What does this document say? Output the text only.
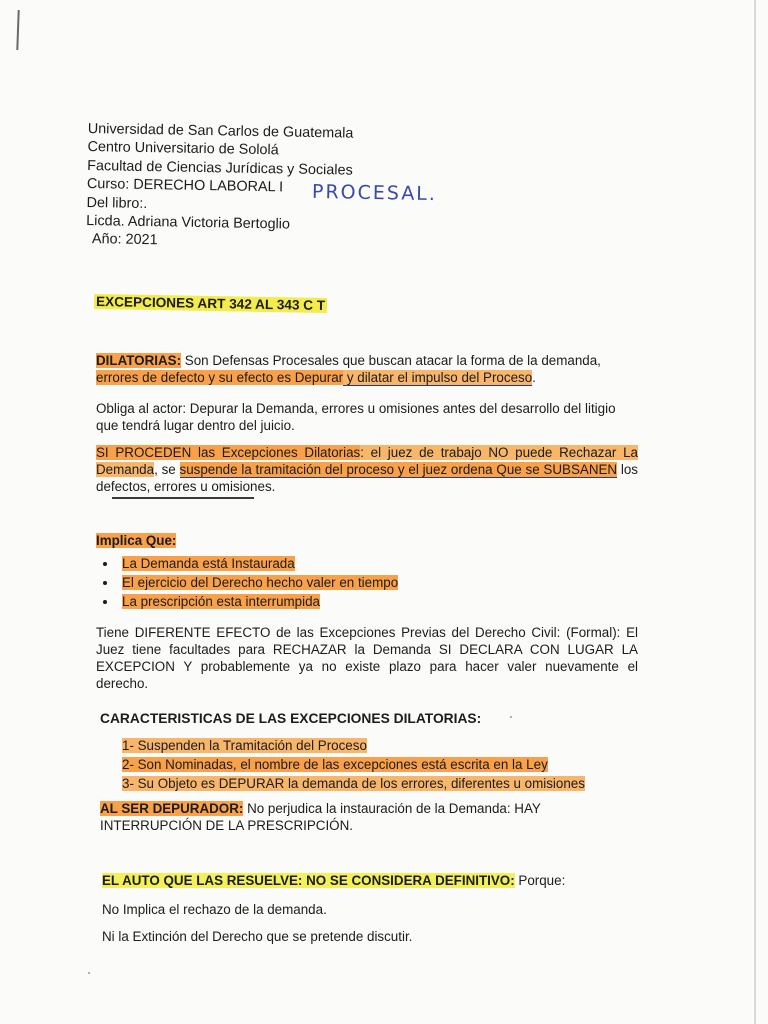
Universidad de San Carlos de Guatemala
Centro Universitario de Sololá
Facultad de Ciencias Jurídicas y Sociales
Curso: DERECHO LABORAL I
Del libro:.
Licda. Adriana Victoria Bertoglio
Año: 2021
PROCESAL.
EXCEPCIONES ART 342 AL 343 C T
DILATORIAS: Son Defensas Procesales que buscan atacar la forma de la demanda,
errores de defecto y su efecto es Depurar y dilatar el impulso del Proceso.
Obliga al actor: Depurar la Demanda, errores u omisiones antes del desarrollo del litigio que tendrá lugar dentro del juicio.
SI PROCEDEN las Excepciones Dilatorias: el juez de trabajo NO puede Rechazar La Demanda, se suspende la tramitación del proceso y el juez ordena Que se SUBSANEN los defectos, errores u omisiones.
Implica Que:
• La Demanda está Instaurada
• El ejercicio del Derecho hecho valer en tiempo
• La prescripción esta interrumpida
Tiene DIFERENTE EFECTO de las Excepciones Previas del Derecho Civil: (Formal): El Juez tiene facultades para RECHAZAR la Demanda SI DECLARA CON LUGAR LA EXCEPCION Y probablemente ya no existe plazo para hacer valer nuevamente el derecho.
CARACTERISTICAS DE LAS EXCEPCIONES DILATORIAS:
1- Suspenden la Tramitación del Proceso
2- Son Nominadas, el nombre de las excepciones está escrita en la Ley
3- Su Objeto es DEPURAR la demanda de los errores, diferentes u omisiones
AL SER DEPURADOR: No perjudica la instauración de la Demanda: HAY INTERRUPCIÓN DE LA PRESCRIPCIÓN.
EL AUTO QUE LAS RESUELVE: NO SE CONSIDERA DEFINITIVO: Porque:
No Implica el rechazo de la demanda.
Ni la Extinción del Derecho que se pretende discutir.
